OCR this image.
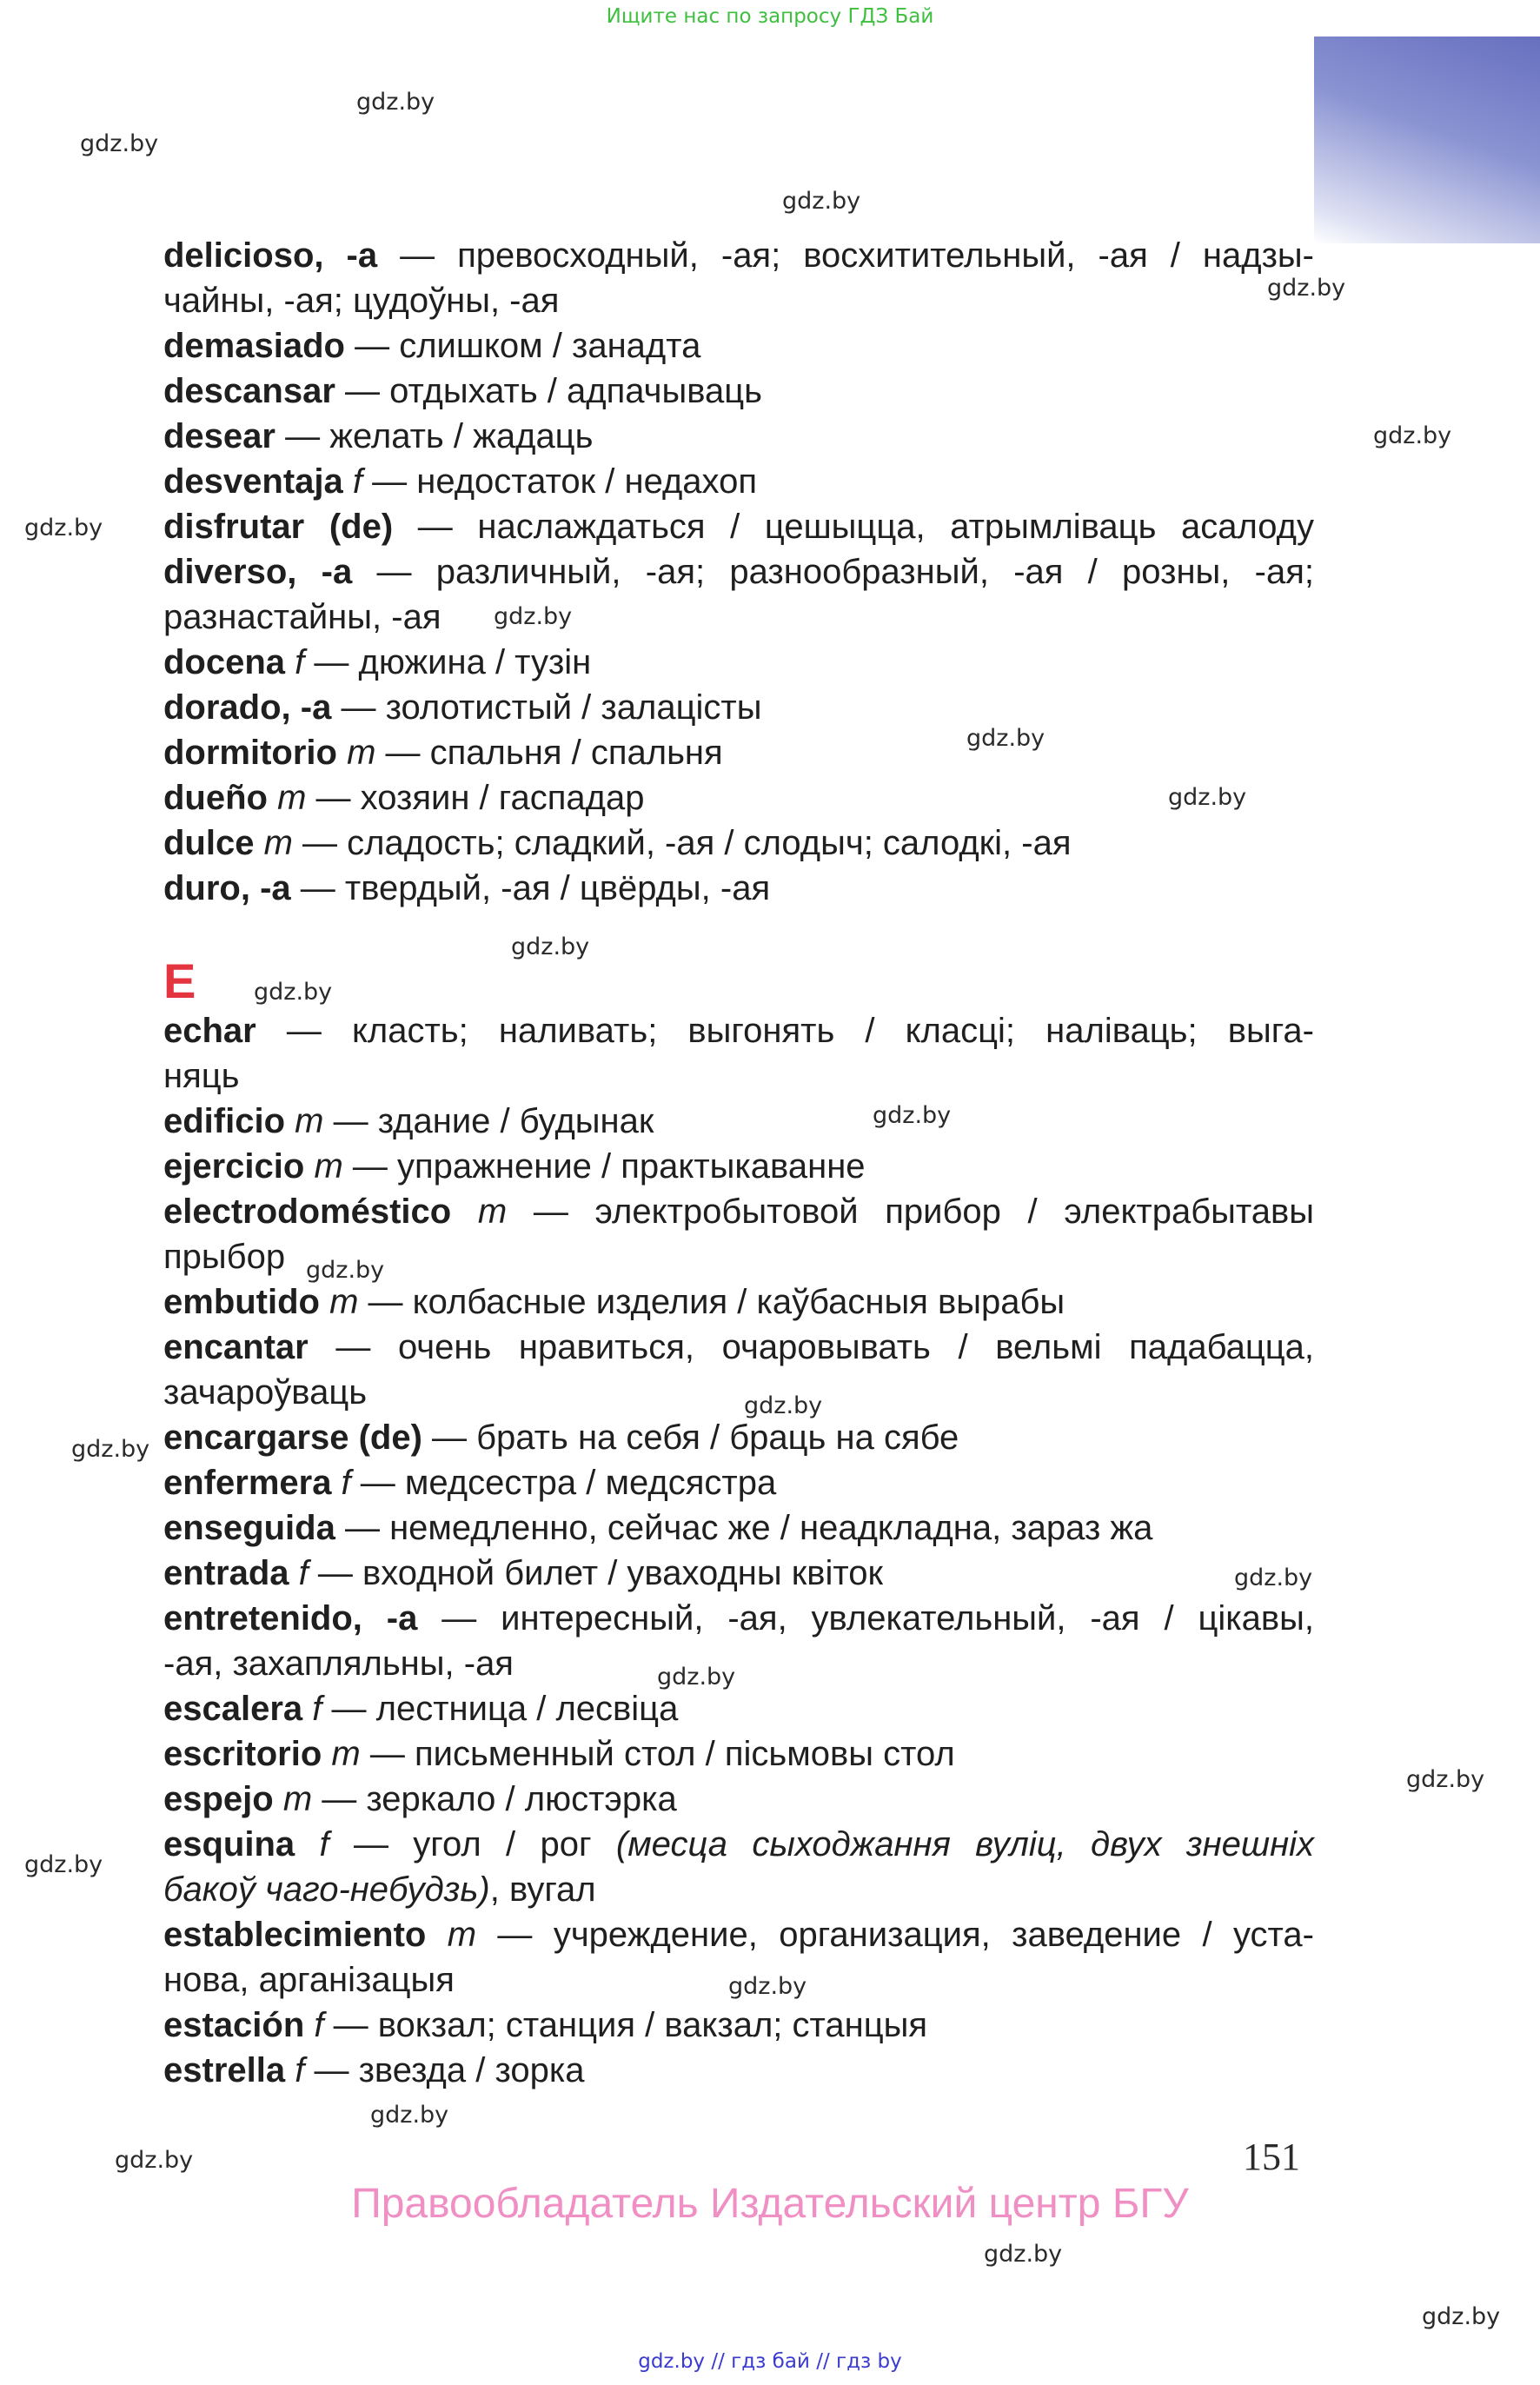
Ищите нас по запросу ГДЗ Бай
gdz.by
gdz.by
gdz.by
gdz.by
gdz.by
gdz.by
gdz.by
gdz.by
gdz.by
gdz.by
gdz.by
gdz.by
gdz.by
gdz.by
gdz.by
gdz.by
gdz.by
gdz.by
gdz.by
gdz.by
gdz.by
gdz.by
gdz.by
gdz.by
delicioso, -a — превосходный, -ая; восхитительный, -ая / надзы-
чайны, -ая; цудоўны, -ая
demasiado — слишком / занадта
descansar — отдыхать / адпачываць
desear — желать / жадаць
desventaja f — недостаток / недахоп
disfrutar (de) — наслаждаться / цешыцца, атрымліваць асалоду
diverso, -a — различный, -ая; разнообразный, -ая / розны, -ая;
разнастайны, -ая
docena f — дюжина / тузін
dorado, -a — золотистый / залацісты
dormitorio m — спальня / спальня
dueño m — хозяин / гаспадар
dulce m — сладость; сладкий, -ая / слодыч; салодкі, -ая
duro, -a — твердый, -ая / цвёрды, -ая
E
echar — класть; наливать; выгонять / класці; наліваць; выга-
няць
edificio m — здание / будынак
ejercicio m — упражнение / практыкаванне
electrodoméstico m — электробытовой прибор / электрабытавы
прыбор
embutido m — колбасные изделия / каўбасныя вырабы
encantar — очень нравиться, очаровывать / вельмі падабацца,
зачароўваць
encargarse (de) — брать на себя / браць на сябе
enfermera f — медсестра / медсястра
enseguida — немедленно, сейчас же / неадкладна, зараз жа
entrada f — входной билет / уваходны квіток
entretenido, -a — интересный, -ая, увлекательный, -ая / цікавы,
-ая, захапляльны, -ая
escalera f — лестница / лесвіца
escritorio m — письменный стол / пісьмовы стол
espejo m — зеркало / люстэрка
esquina f — угол / рог (месца сыходжання вуліц, двух знешніх
бакоў чаго-небудзь), вугал
establecimiento m — учреждение, организация, заведение / уста-
нова, арганізацыя
estación f — вокзал; станция / вакзал; станцыя
estrella f — звезда / зорка
151
Правообладатель Издательский центр БГУ
gdz.by // гдз бай // гдз by
